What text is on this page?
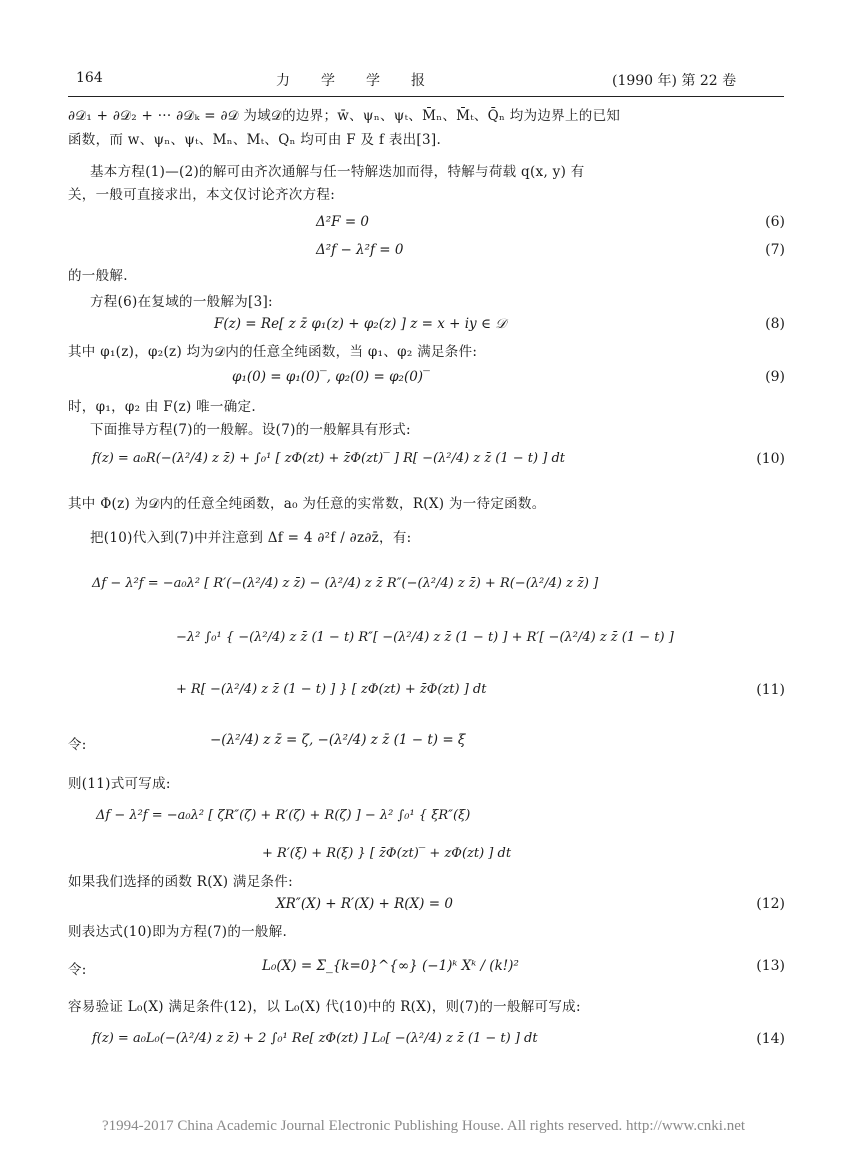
164	力　　学　　学　　报	(1990 年) 第 22 卷
∂𝒟₁ + ∂𝒟₂ + ··· ∂𝒟ₖ = ∂𝒟 为域𝒟的边界；w̄、ψₙ、ψₜ、M̄ₙ、M̄ₜ、Q̄ₙ 均为边界上的已知
函数，而 w、ψₙ、ψₜ、Mₙ、Mₜ、Qₙ 均可由 F 及 f 表出[3].
基本方程(1)—(2)的解可由齐次通解与任一特解迭加而得，特解与荷载 q(x, y) 有
关，一般可直接求出，本文仅讨论齐次方程:
Δ²F = 0	(6)
Δ²f − λ²f = 0	(7)
的一般解.
方程(6)在复域的一般解为[3]:
F(z) = Re[ z z̄ φ₁(z) + φ₂(z) ] z = x + iy ∈ 𝒟	(8)
其中 φ₁(z)，φ₂(z) 均为𝒟内的任意全纯函数，当 φ₁、φ₂ 满足条件:
φ₁(0) = φ₁(0)‾, φ₂(0) = φ₂(0)‾	(9)
时，φ₁，φ₂ 由 F(z) 唯一确定.
下面推导方程(7)的一般解。设(7)的一般解具有形式:
f(z) = a₀R(−(λ²/4) z z̄) + ∫₀¹ [ zΦ(zt) + z̄Φ(zt)‾ ] R[ −(λ²/4) z z̄ (1 − t) ] dt	(10)
其中 Φ(z) 为𝒟内的任意全纯函数，a₀ 为任意的实常数，R(X) 为一待定函数。
把(10)代入到(7)中并注意到 Δf = 4 ∂²f / ∂z∂z̄，有:
Δf − λ²f = −a₀λ² [ R′(−(λ²/4) z z̄) − (λ²/4) z z̄ R″(−(λ²/4) z z̄) + R(−(λ²/4) z z̄) ]
−λ² ∫₀¹ { −(λ²/4) z z̄ (1 − t) R″[ −(λ²/4) z z̄ (1 − t) ] + R′[ −(λ²/4) z z̄ (1 − t) ]
+ R[ −(λ²/4) z z̄ (1 − t) ] } [ zΦ(zt) + z̄Φ(zt) ] dt	(11)
令:	−(λ²/4) z z̄ = ζ, −(λ²/4) z z̄ (1 − t) = ξ
则(11)式可写成:
Δf − λ²f = −a₀λ² [ ζR″(ζ) + R′(ζ) + R(ζ) ] − λ² ∫₀¹ { ξR″(ξ)
+ R′(ξ) + R(ξ) } [ z̄Φ(zt)‾ + zΦ(zt) ] dt
如果我们选择的函数 R(X) 满足条件:
XR″(X) + R′(X) + R(X) = 0	(12)
则表达式(10)即为方程(7)的一般解.
令:	L₀(X) = Σ_{k=0}^{∞} (−1)ᵏ Xᵏ / (k!)²	(13)
容易验证 L₀(X) 满足条件(12)，以 L₀(X) 代(10)中的 R(X)，则(7)的一般解可写成:
f(z) = a₀L₀(−(λ²/4) z z̄) + 2 ∫₀¹ Re[ zΦ(zt) ] L₀[ −(λ²/4) z z̄ (1 − t) ] dt	(14)
?1994-2017 China Academic Journal Electronic Publishing House. All rights reserved. http://www.cnki.net
